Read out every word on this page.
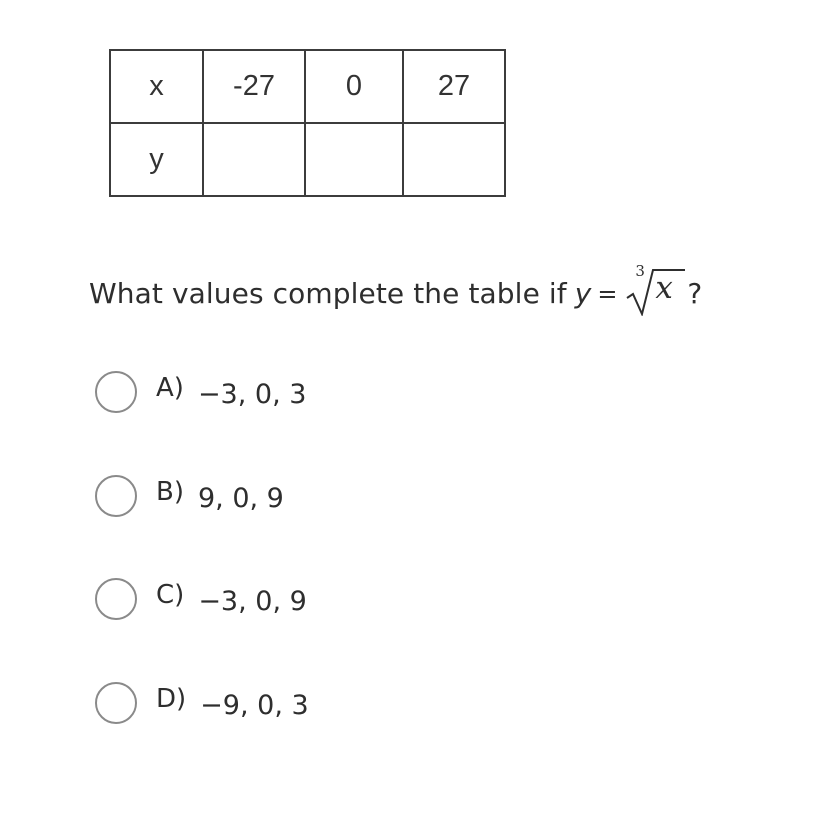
x	-27	0	27
y			
What values complete the table if y =
3 x ?
A) −3, 0, 3
B) 9, 0, 9
C) −3, 0, 9
D) −9, 0, 3
